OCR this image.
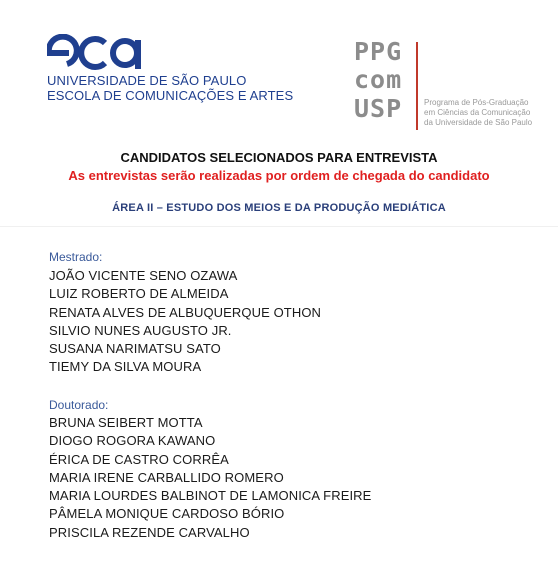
UNIVERSIDADE DE SÃO PAULO
ESCOLA DE COMUNICAÇÕES E ARTES
PPG
com
USP	Programa de Pós-Graduação
em Ciências da Comunicação
da Universidade de São Paulo
CANDIDATOS SELECIONADOS PARA ENTREVISTA
As entrevistas serão realizadas por ordem de chegada do candidato
ÁREA II – ESTUDO DOS MEIOS E DA PRODUÇÃO MEDIÁTICA
Mestrado:
JOÃO VICENTE SENO OZAWA
LUIZ ROBERTO DE ALMEIDA
RENATA ALVES DE ALBUQUERQUE OTHON
SILVIO NUNES AUGUSTO JR.
SUSANA NARIMATSU SATO
TIEMY DA SILVA MOURA
Doutorado:
BRUNA SEIBERT MOTTA
DIOGO ROGORA KAWANO
ÉRICA DE CASTRO CORRÊA
MARIA IRENE CARBALLIDO ROMERO
MARIA LOURDES BALBINOT DE LAMONICA FREIRE
PÂMELA MONIQUE CARDOSO BÓRIO
PRISCILA REZENDE CARVALHO
